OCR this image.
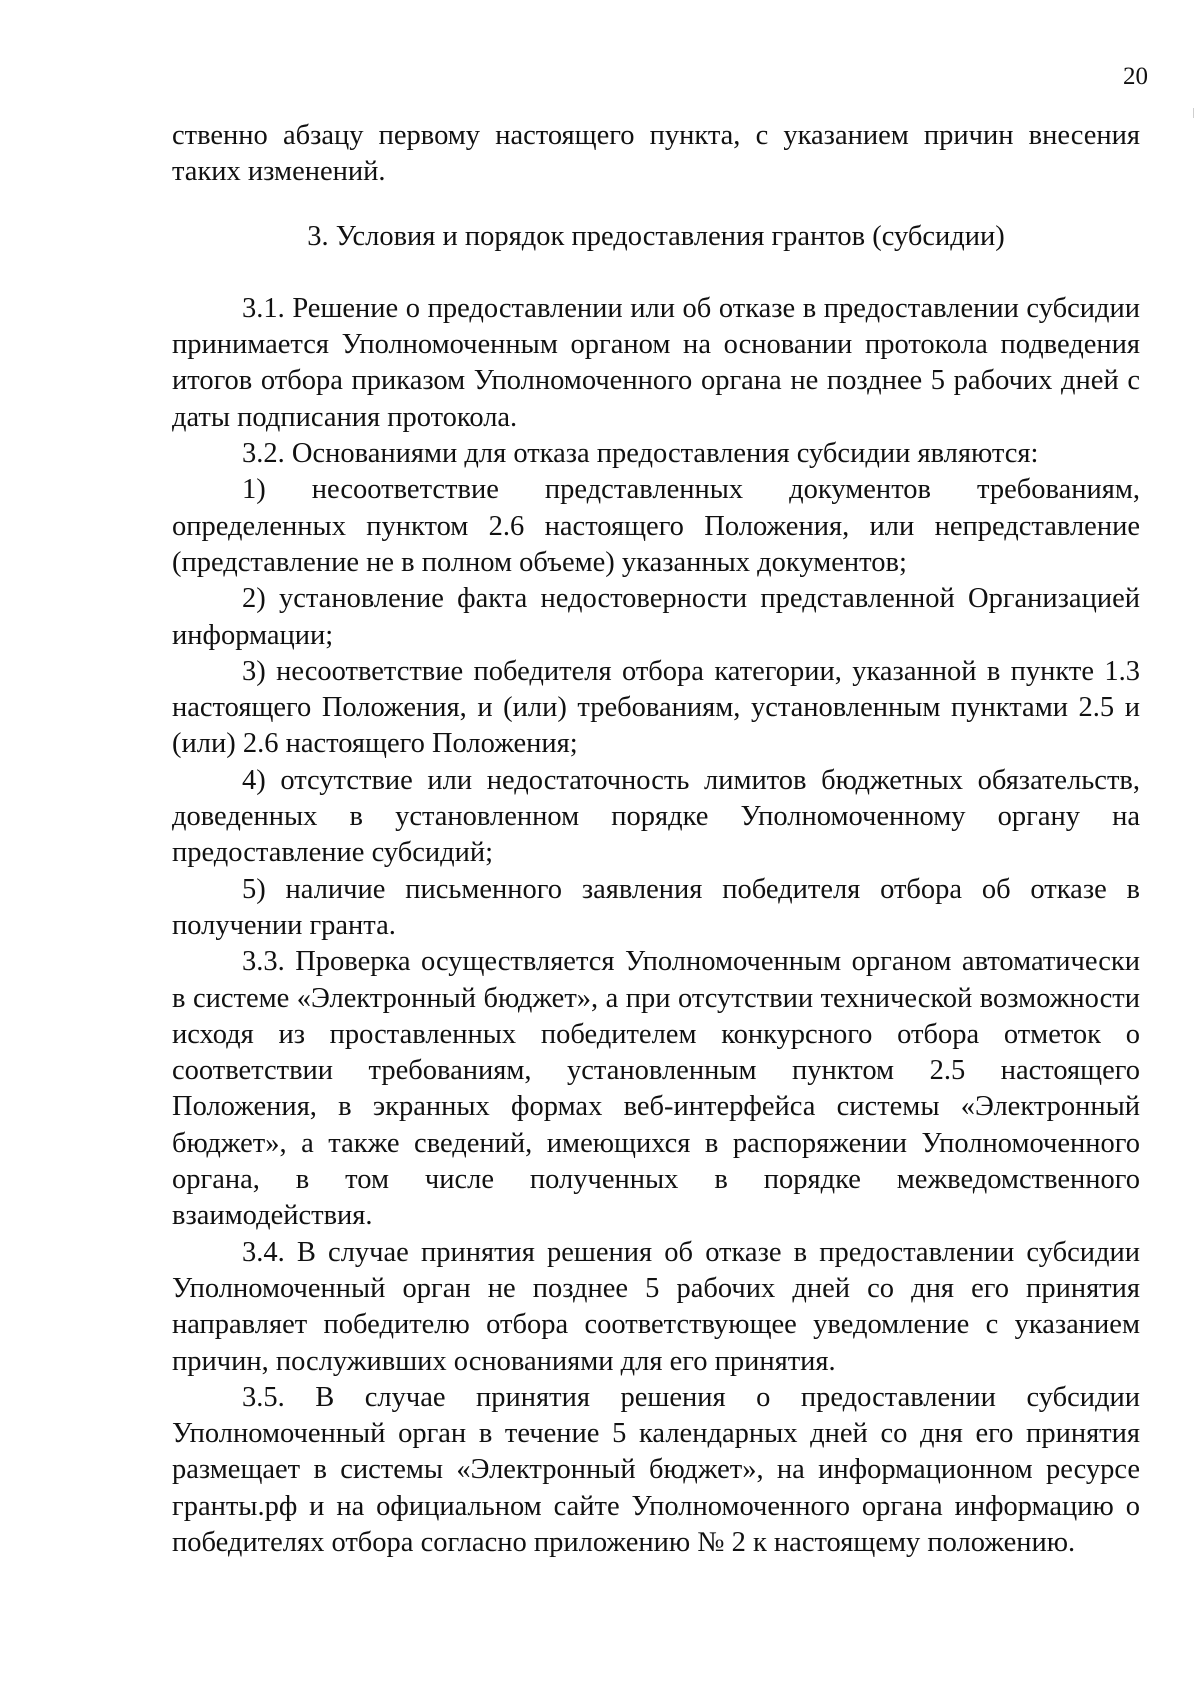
20

ственно абзацу первому настоящего пункта, с указанием причин внесения таких изменений.

3. Условия и порядок предоставления грантов (субсидии)

3.1. Решение о предоставлении или об отказе в предоставлении субсидии принимается Уполномоченным органом на основании протокола подведения итогов отбора приказом Уполномоченного органа не позднее 5 рабочих дней с даты подписания протокола.

3.2. Основаниями для отказа предоставления субсидии являются:

1) несоответствие представленных документов требованиям, определенных пунктом 2.6 настоящего Положения, или непредставление (представление не в полном объеме) указанных документов;

2) установление факта недостоверности представленной Организацией информации;

3) несоответствие победителя отбора категории, указанной в пункте 1.3 настоящего Положения, и (или) требованиям, установленным пунктами 2.5 и (или) 2.6 настоящего Положения;

4) отсутствие или недостаточность лимитов бюджетных обязательств, доведенных в установленном порядке Уполномоченному органу на предоставление субсидий;

5) наличие письменного заявления победителя отбора об отказе в получении гранта.

3.3. Проверка осуществляется Уполномоченным органом автоматически в системе «Электронный бюджет», а при отсутствии технической возможности исходя из проставленных победителем конкурсного отбора отметок о соответствии требованиям, установленным пунктом 2.5 настоящего Положения, в экранных формах веб-интерфейса системы «Электронный бюджет», а также сведений, имеющихся в распоряжении Уполномоченного органа, в том числе полученных в порядке межведомственного взаимодействия.

3.4. В случае принятия решения об отказе в предоставлении субсидии Уполномоченный орган не позднее 5 рабочих дней со дня его принятия направляет победителю отбора соответствующее уведомление с указанием причин, послуживших основаниями для его принятия.

3.5. В случае принятия решения о предоставлении субсидии Уполномоченный орган в течение 5 календарных дней со дня его принятия размещает в системы «Электронный бюджет», на информационном ресурсе гранты.рф и на официальном сайте Уполномоченного органа информацию о победителях отбора согласно приложению № 2 к настоящему положению.
